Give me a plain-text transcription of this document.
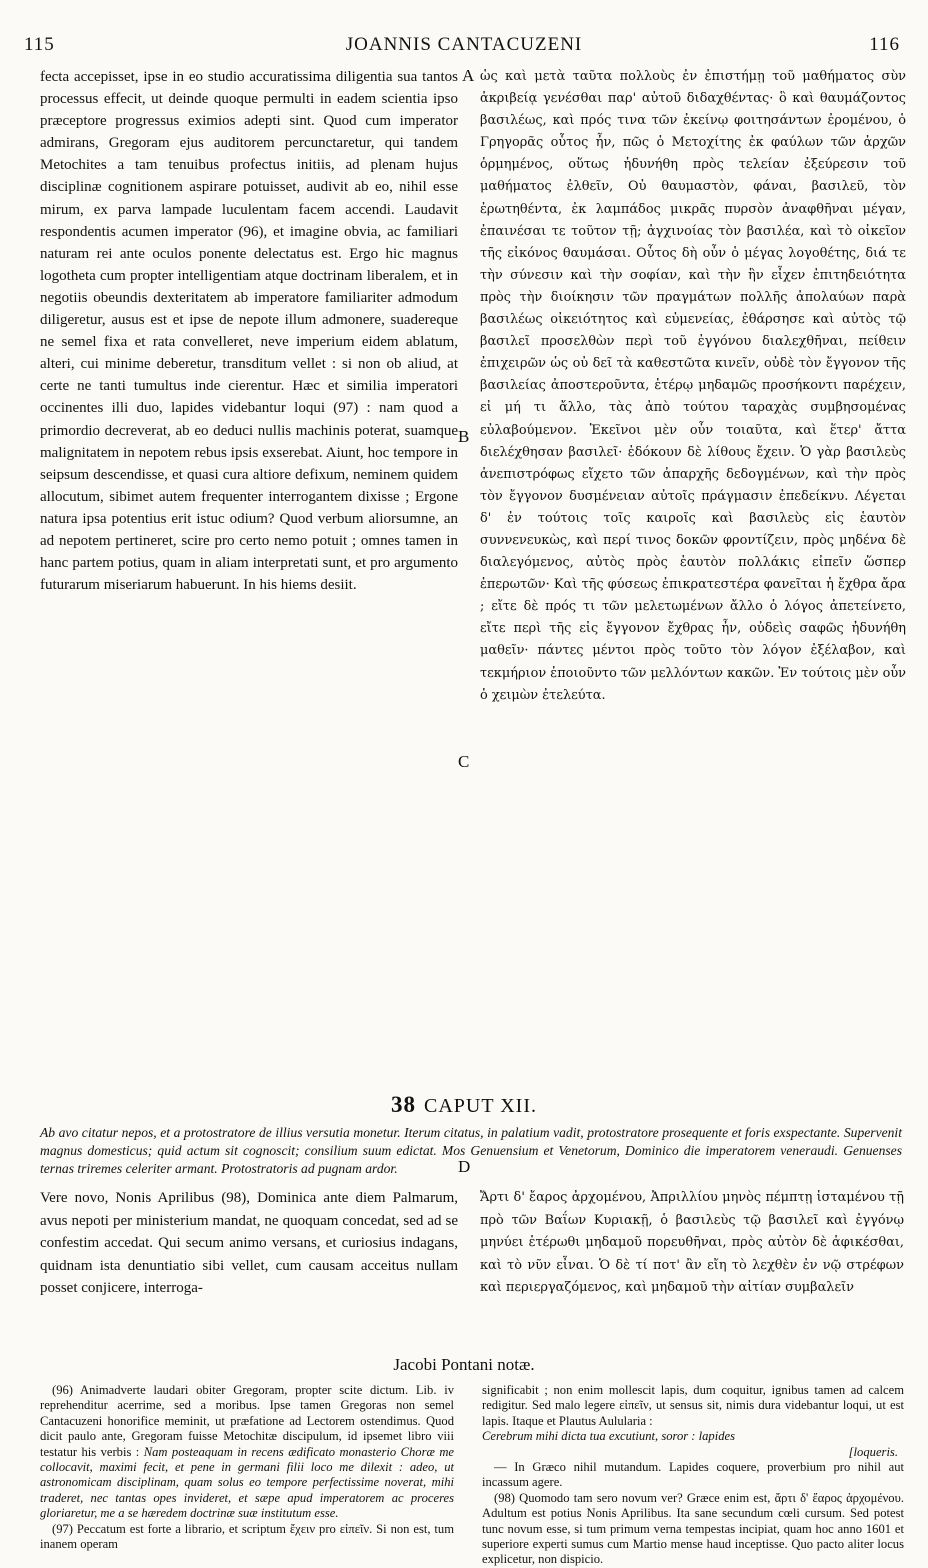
115	JOANNIS CANTACUZENI	116

fecta accepisset, ipse in eo studio accuratissima diligentia sua tantos processus effecit, ut deinde quoque permulti in eadem scientia ipso præceptore progressus eximios adepti sint. Quod cum imperator admirans, Gregoram ejus auditorem percunctaretur, qui tandem Metochites a tam tenuibus profectus initiis, ad plenam hujus disciplinæ cognitionem aspirare potuisset, audivit ab eo, nihil esse mirum, ex parva lampade luculentam facem accendi. Laudavit respondentis acumen imperator (96), et imagine obvia, ac familiari naturam rei ante oculos ponente delectatus est. Ergo hic magnus logotheta cum propter intelligentiam atque doctrinam liberalem, et in negotiis obeundis dexteritatem ab imperatore familiariter admodum diligeretur, ausus est et ipse de nepote illum admonere, suadereque ne semel fixa et rata convelleret, neve imperium eidem ablatum, alteri, cui minime deberetur, transditum vellet : si non ob aliud, at certe ne tanti tumultus inde cierentur. Hæc et similia imperatori occinentes illi duo, lapides videbantur loqui (97) : nam quod a primordio decreverat, ab eo deduci nullis machinis poterat, suamque malignitatem in nepotem rebus ipsis exserebat. Aiunt, hoc tempore in seipsum descendisse, et quasi cura altiore defixum, neminem quidem allocutum, sibimet autem frequenter interrogantem dixisse ; Ergone natura ipsa potentius erit istuc odium? Quod verbum aliorsumne, an ad nepotem pertineret, scire pro certo nemo potuit ; omnes tamen in hanc partem potius, quam in aliam interpretati sunt, et pro argumento futurarum miseriarum habuerunt. In his hiems desiit.

A
B
C
D

ὡς καὶ μετὰ ταῦτα πολλοὺς ἐν ἐπιστήμῃ τοῦ μαθήματος σὺν ἀκριβείᾳ γενέσθαι παρ' αὐτοῦ διδαχθέντας· ὃ καὶ θαυμάζοντος βασιλέως, καὶ πρός τινα τῶν ἐκείνῳ φοιτησάντων ἐρομένου, ὁ Γρηγορᾶς οὗτος ἦν, πῶς ὁ Μετοχίτης ἐκ φαύλων τῶν ἀρχῶν ὁρμημένος, οὕτως ἠδυνήθη πρὸς τελείαν ἐξεύρεσιν τοῦ μαθήματος ἐλθεῖν, Οὐ θαυμαστὸν, φάναι, βασιλεῦ, τὸν ἐρωτηθέντα, ἐκ λαμπάδος μικρᾶς πυρσὸν ἀναφθῆναι μέγαν, ἐπαινέσαι τε τοῦτον τῇ; ἀγχινοίας τὸν βασιλέα, καὶ τὸ οἰκεῖον τῆς εἰκόνος θαυμάσαι. Οὗτος δὴ οὖν ὁ μέγας λογοθέτης, διά τε τὴν σύνεσιν καὶ τὴν σοφίαν, καὶ τὴν ἣν εἶχεν ἐπιτηδειότητα πρὸς τὴν διοίκησιν τῶν πραγμάτων πολλῆς ἀπολαύων παρὰ βασιλέως οἰκειότητος καὶ εὐμενείας, ἐθάρσησε καὶ αὐτὸς τῷ βασιλεῖ προσελθὼν περὶ τοῦ ἐγγόνου διαλεχθῆναι, πείθειν ἐπιχειρῶν ὡς οὐ δεῖ τὰ καθεστῶτα κινεῖν, οὐδὲ τὸν ἔγγονον τῆς βασιλείας ἀποστεροῦντα, ἑτέρῳ μηδαμῶς προσήκοντι παρέχειν, εἰ μή τι ἄλλο, τὰς ἀπὸ τούτου ταραχὰς συμβησομένας εὐλαβούμενον. Ἐκεῖνοι μὲν οὖν τοιαῦτα, καὶ ἕτερ' ἄττα διελέχθησαν βασιλεῖ· ἐδόκουν δὲ λίθους ἔχειν. Ὁ γὰρ βασιλεὺς ἀνεπιστρόφως εἴχετο τῶν ἀπαρχῆς δεδογμένων, καὶ τὴν πρὸς τὸν ἔγγονον δυσμένειαν αὐτοῖς πράγμασιν ἐπεδείκνυ. Λέγεται δ' ἐν τούτοις τοῖς καιροῖς καὶ βασιλεὺς εἰς ἑαυτὸν συννενευκὼς, καὶ περί τινος δοκῶν φροντίζειν, πρὸς μηδένα δὲ διαλεγόμενος, αὐτὸς πρὸς ἑαυτὸν πολλάκις εἰπεῖν ὥσπερ ἐπερωτῶν· Καὶ τῆς φύσεως ἐπικρατεστέρα φανεῖται ἡ ἔχθρα ἄρα ; εἴτε δὲ πρός τι τῶν μελετωμένων ἄλλο ὁ λόγος ἀπετείνετο, εἴτε περὶ τῆς εἰς ἔγγονον ἔχθρας ἦν, οὐδεὶς σαφῶς ἠδυνήθη μαθεῖν· πάντες μέντοι πρὸς τοῦτο τὸν λόγον ἐξέλαβον, καὶ τεκμήριον ἐποιοῦντο τῶν μελλόντων κακῶν. Ἐν τούτοις μὲν οὖν ὁ χειμὼν ἐτελεύτα.

38 CAPUT XII.
Ab avo citatur nepos, et a protostratore de illius versutia monetur. Iterum citatus, in palatium vadit, protostratore prosequente et foris exspectante. Supervenit magnus domesticus; quid actum sit cognoscit; consilium suum edictat. Mos Genuensium et Venetorum, Dominico die imperatorem veneraudi. Genuenses ternas triremes celeriter armant. Protostratoris ad pugnam ardor.

Vere novo, Nonis Aprilibus (98), Dominica ante diem Palmarum, avus nepoti per ministerium mandat, ne quoquam concedat, sed ad se confestim accedat. Qui secum animo versans, et curiosius indagans, quidnam ista denuntiatio sibi vellet, cum causam acceitus nullam posset conjicere, interroga-

Ἄρτι δ' ἔαρος ἀρχομένου, Ἀπριλλίου μηνὸς πέμπτῃ ἱσταμένου τῇ πρὸ τῶν Βαΐων Κυριακῇ, ὁ βασιλεὺς τῷ βασιλεῖ καὶ ἐγγόνῳ μηνύει ἑτέρωθι μηδαμοῦ πορευθῆναι, πρὸς αὐτὸν δὲ ἀφικέσθαι, καὶ τὸ νῦν εἶναι. Ὁ δὲ τί ποτ' ἂν εἴη τὸ λεχθὲν ἐν νῷ στρέφων καὶ περιεργαζόμενος, καὶ μηδαμοῦ τὴν αἰτίαν συμβαλεῖν

Jacobi Pontani notæ.

(96) Animadverte laudari obiter Gregoram, propter scite dictum. Lib. iv reprehenditur acerrime, sed a moribus. Ipse tamen Gregoras non semel Cantacuzeni honorifice meminit, ut præfatione ad Lectorem ostendimus. Quod dicit paulo ante, Gregoram fuisse Metochitæ discipulum, id ipsemet libro viii testatur his verbis : Nam posteaquam in recens ædificato monasterio Choræ me collocavit, maximi fecit, et pene in germani filii loco me dilexit : adeo, ut astronomicam disciplinam, quam solus eo tempore perfectissime noverat, mihi traderet, nec tantas opes invideret, et sæpe apud imperatorem ac proceres gloriaretur, me a se hæredem doctrinæ suæ institutum esse.

(97) Peccatum est forte a librario, et scriptum ἔχειν pro εἰπεῖν. Si non est, tum inanem operam

significabit ; non enim mollescit lapis, dum coquitur, ignibus tamen ad calcem redigitur. Sed malo legere εἰπεῖν, ut sensus sit, nimis dura videbantur loqui, ut est lapis. Itaque et Plautus Aulularia :

Cerebrum mihi dicta tua excutiunt, soror : lapides
[loqueris.

— In Græco nihil mutandum. Lapides coquere, proverbium pro nihil aut incassum agere.

(98) Quomodo tam sero novum ver? Græce enim est, ἄρτι δ' ἔαρος ἀρχομένου. Adultum est potius Nonis Aprilibus. Ita sane secundum cœli cursum. Sed potest tunc novum esse, si tum primum verna tempestas incipiat, quam hoc anno 1601 et superiore experti sumus cum Martio mense haud inceptisse. Quo pacto aliter locus explicetur, non dispicio.
